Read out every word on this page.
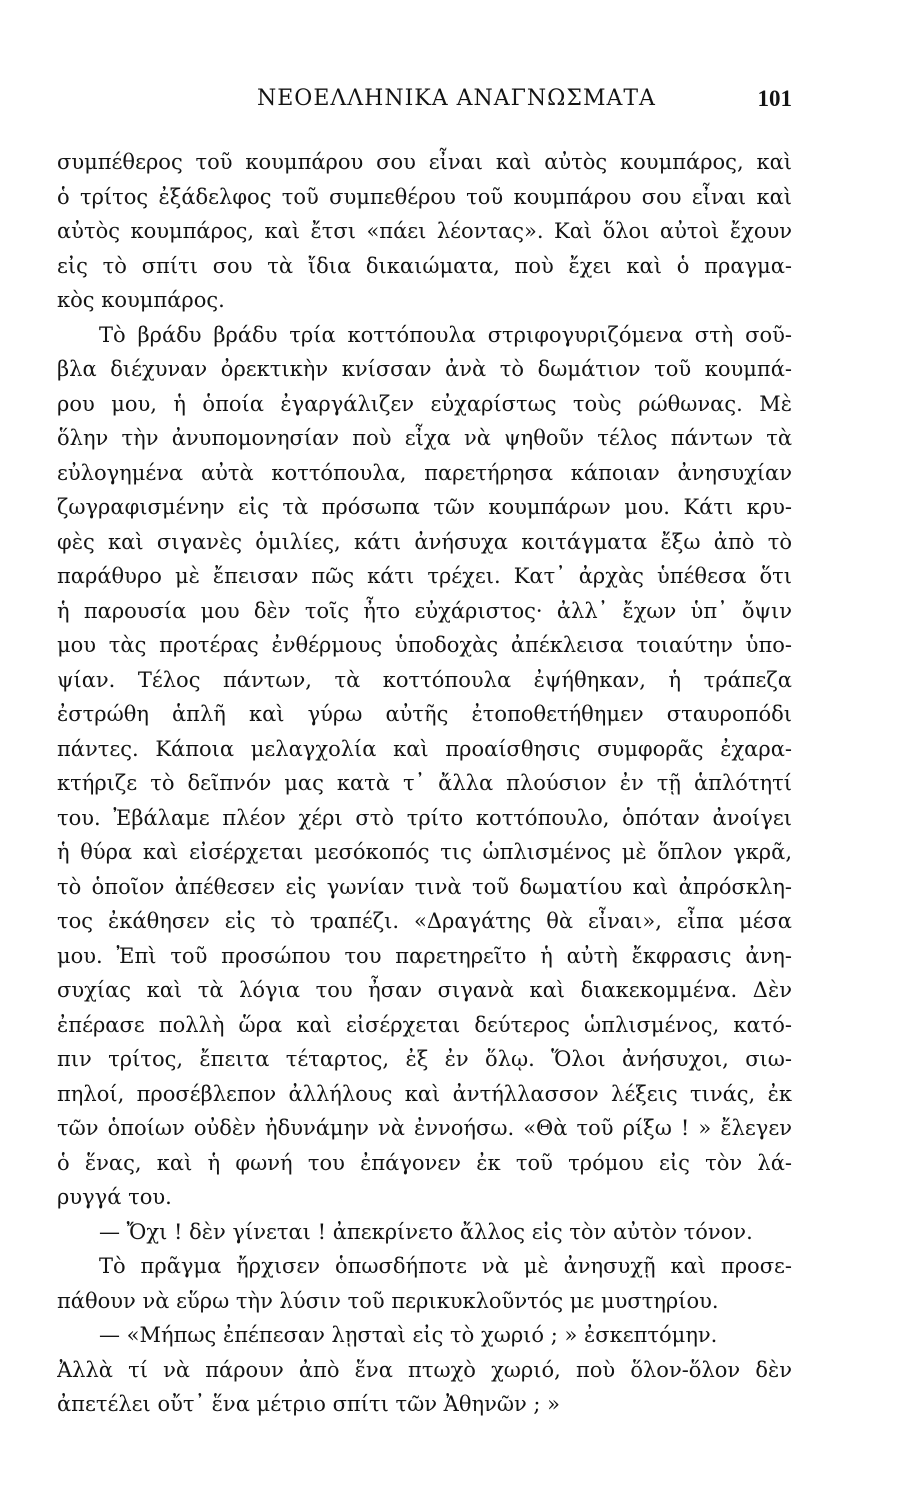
ΝΕΟΕΛΛΗΝΙΚΑ ΑΝΑΓΝΩΣΜΑΤΑ	101
συμπέθερος τοῦ κουμπάρου σου εἶναι καὶ αὐτὸς κουμπάρος, καὶ
ὁ τρίτος ἐξάδελφος τοῦ συμπεθέρου τοῦ κουμπάρου σου εἶναι καὶ
αὐτὸς κουμπάρος, καὶ ἔτσι «πάει λέοντας». Καὶ ὅλοι αὐτοὶ ἔχουν
εἰς τὸ σπίτι σου τὰ ἴδια δικαιώματα, ποὺ ἔχει καὶ ὁ πραγμα-
κὸς κουμπάρος.
Τὸ βράδυ βράδυ τρία κοττόπουλα στριφογυριζόμενα στὴ σοῦ-
βλα διέχυναν ὀρεκτικὴν κνίσσαν ἀνὰ τὸ δωμάτιον τοῦ κουμπά-
ρου μου, ἡ ὁποία ἐγαργάλιζεν εὐχαρίστως τοὺς ρώθωνας. Μὲ
ὅλην τὴν ἀνυπομονησίαν ποὺ εἶχα νὰ ψηθοῦν τέλος πάντων τὰ
εὐλογημένα αὐτὰ κοττόπουλα, παρετήρησα κάποιαν ἀνησυχίαν
ζωγραφισμένην εἰς τὰ πρόσωπα τῶν κουμπάρων μου. Κάτι κρυ-
φὲς καὶ σιγανὲς ὁμιλίες, κάτι ἀνήσυχα κοιτάγματα ἔξω ἀπὸ τὸ
παράθυρο μὲ ἔπεισαν πῶς κάτι τρέχει. Κατ᾿ ἀρχὰς ὑπέθεσα ὅτι
ἡ παρουσία μου δὲν τοῖς ἦτο εὐχάριστος· ἀλλ᾿ ἔχων ὑπ᾿ ὄψιν
μου τὰς προτέρας ἐνθέρμους ὑποδοχὰς ἀπέκλεισα τοιαύτην ὑπο-
ψίαν. Τέλος πάντων, τὰ κοττόπουλα ἐψήθηκαν, ἡ τράπεζα
ἐστρώθη ἁπλῆ καὶ γύρω αὐτῆς ἐτοποθετήθημεν σταυροπόδι
πάντες. Κάποια μελαγχολία καὶ προαίσθησις συμφορᾶς ἐχαρα-
κτήριζε τὸ δεῖπνόν μας κατὰ τ᾿ ἄλλα πλούσιον ἐν τῇ ἁπλότητί
του. Ἐβάλαμε πλέον χέρι στὸ τρίτο κοττόπουλο, ὁπόταν ἀνοίγει
ἡ θύρα καὶ εἰσέρχεται μεσόκοπός τις ὡπλισμένος μὲ ὅπλον γκρᾶ,
τὸ ὁποῖον ἀπέθεσεν εἰς γωνίαν τινὰ τοῦ δωματίου καὶ ἀπρόσκλη-
τος ἐκάθησεν εἰς τὸ τραπέζι. «Δραγάτης θὰ εἶναι», εἶπα μέσα
μου. Ἐπὶ τοῦ προσώπου του παρετηρεῖτο ἡ αὐτὴ ἔκφρασις ἀνη-
συχίας καὶ τὰ λόγια του ἦσαν σιγανὰ καὶ διακεκομμένα. Δὲν
ἐπέρασε πολλὴ ὥρα καὶ εἰσέρχεται δεύτερος ὡπλισμένος, κατό-
πιν τρίτος, ἔπειτα τέταρτος, ἐξ ἐν ὅλῳ. Ὅλοι ἀνήσυχοι, σιω-
πηλοί, προσέβλεπον ἀλλήλους καὶ ἀντήλλασσον λέξεις τινάς, ἐκ
τῶν ὁποίων οὐδὲν ἠδυνάμην νὰ ἐννοήσω. «Θὰ τοῦ ρίξω ! » ἔλεγεν
ὁ ἕνας, καὶ ἡ φωνή του ἐπάγονεν ἐκ τοῦ τρόμου εἰς τὸν λά-
ρυγγά του.
— Ὄχι ! δὲν γίνεται ! ἀπεκρίνετο ἄλλος εἰς τὸν αὐτὸν τόνον.
Τὸ πρᾶγμα ἤρχισεν ὁπωσδήποτε νὰ μὲ ἀνησυχῇ καὶ προσε-
πάθουν νὰ εὕρω τὴν λύσιν τοῦ περικυκλοῦντός με μυστηρίου.
— «Μήπως ἐπέπεσαν λῃσταὶ εἰς τὸ χωριό ; » ἐσκεπτόμην.
Ἀλλὰ τί νὰ πάρουν ἀπὸ ἕνα πτωχὸ χωριό, ποὺ ὅλον-ὅλον δὲν
ἀπετέλει οὔτ᾿ ἕνα μέτριο σπίτι τῶν Ἀθηνῶν ; »
